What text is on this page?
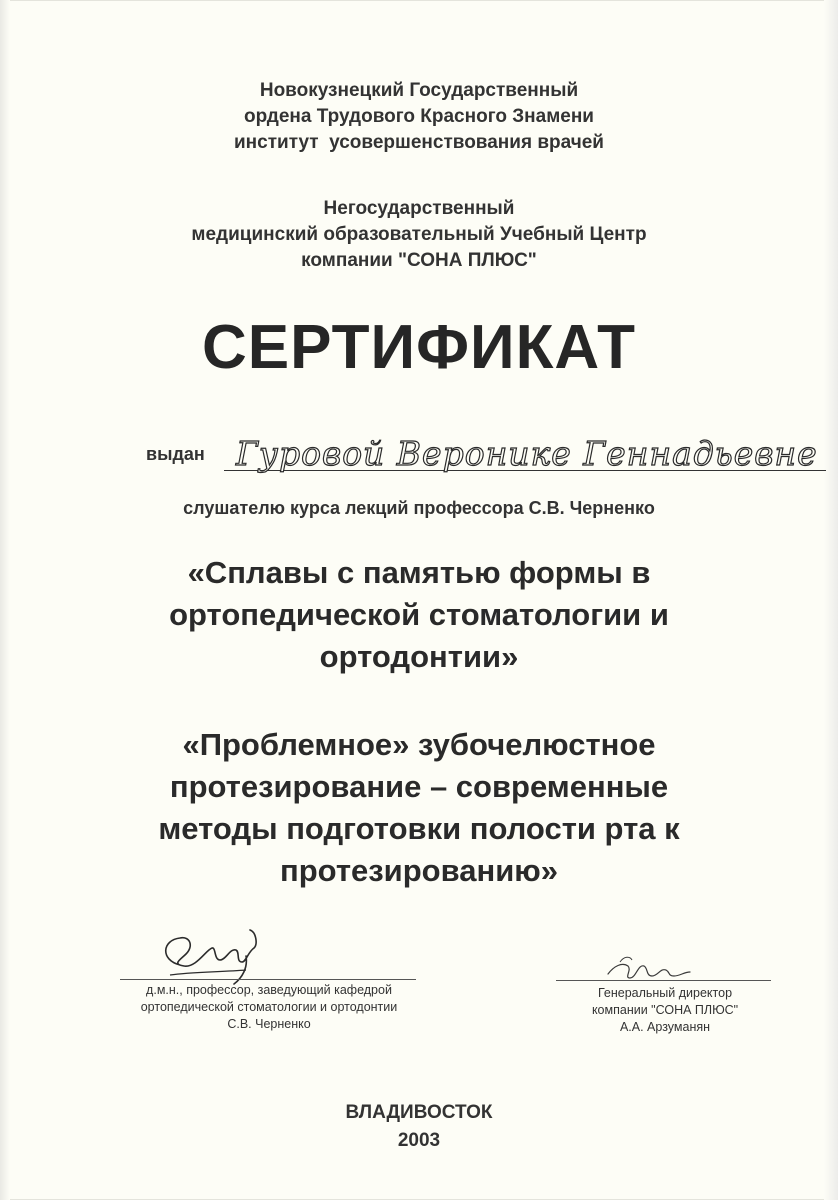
Новокузнецкий Государственный
ордена Трудового Красного Знамени
институт  усовершенствования врачей
Негосударственный
медицинский образовательный Учебный Центр
компании "СОНА ПЛЮС"
СЕРТИФИКАТ
выдан Гуровой Веронике Геннадьевне
слушателю курса лекций профессора С.В. Черненко
«Сплавы с памятью формы в
ортопедической стоматологии и
ортодонтии»
«Проблемное» зубочелюстное
протезирование – современные
методы подготовки полости рта к
протезированию»
д.м.н., профессор, заведующий кафедрой
ортопедической стоматологии и ортодонтии
С.В. Черненко
Генеральный директор
компании "СОНА ПЛЮС"
А.А. Арзуманян
ВЛАДИВОСТОК
2003
